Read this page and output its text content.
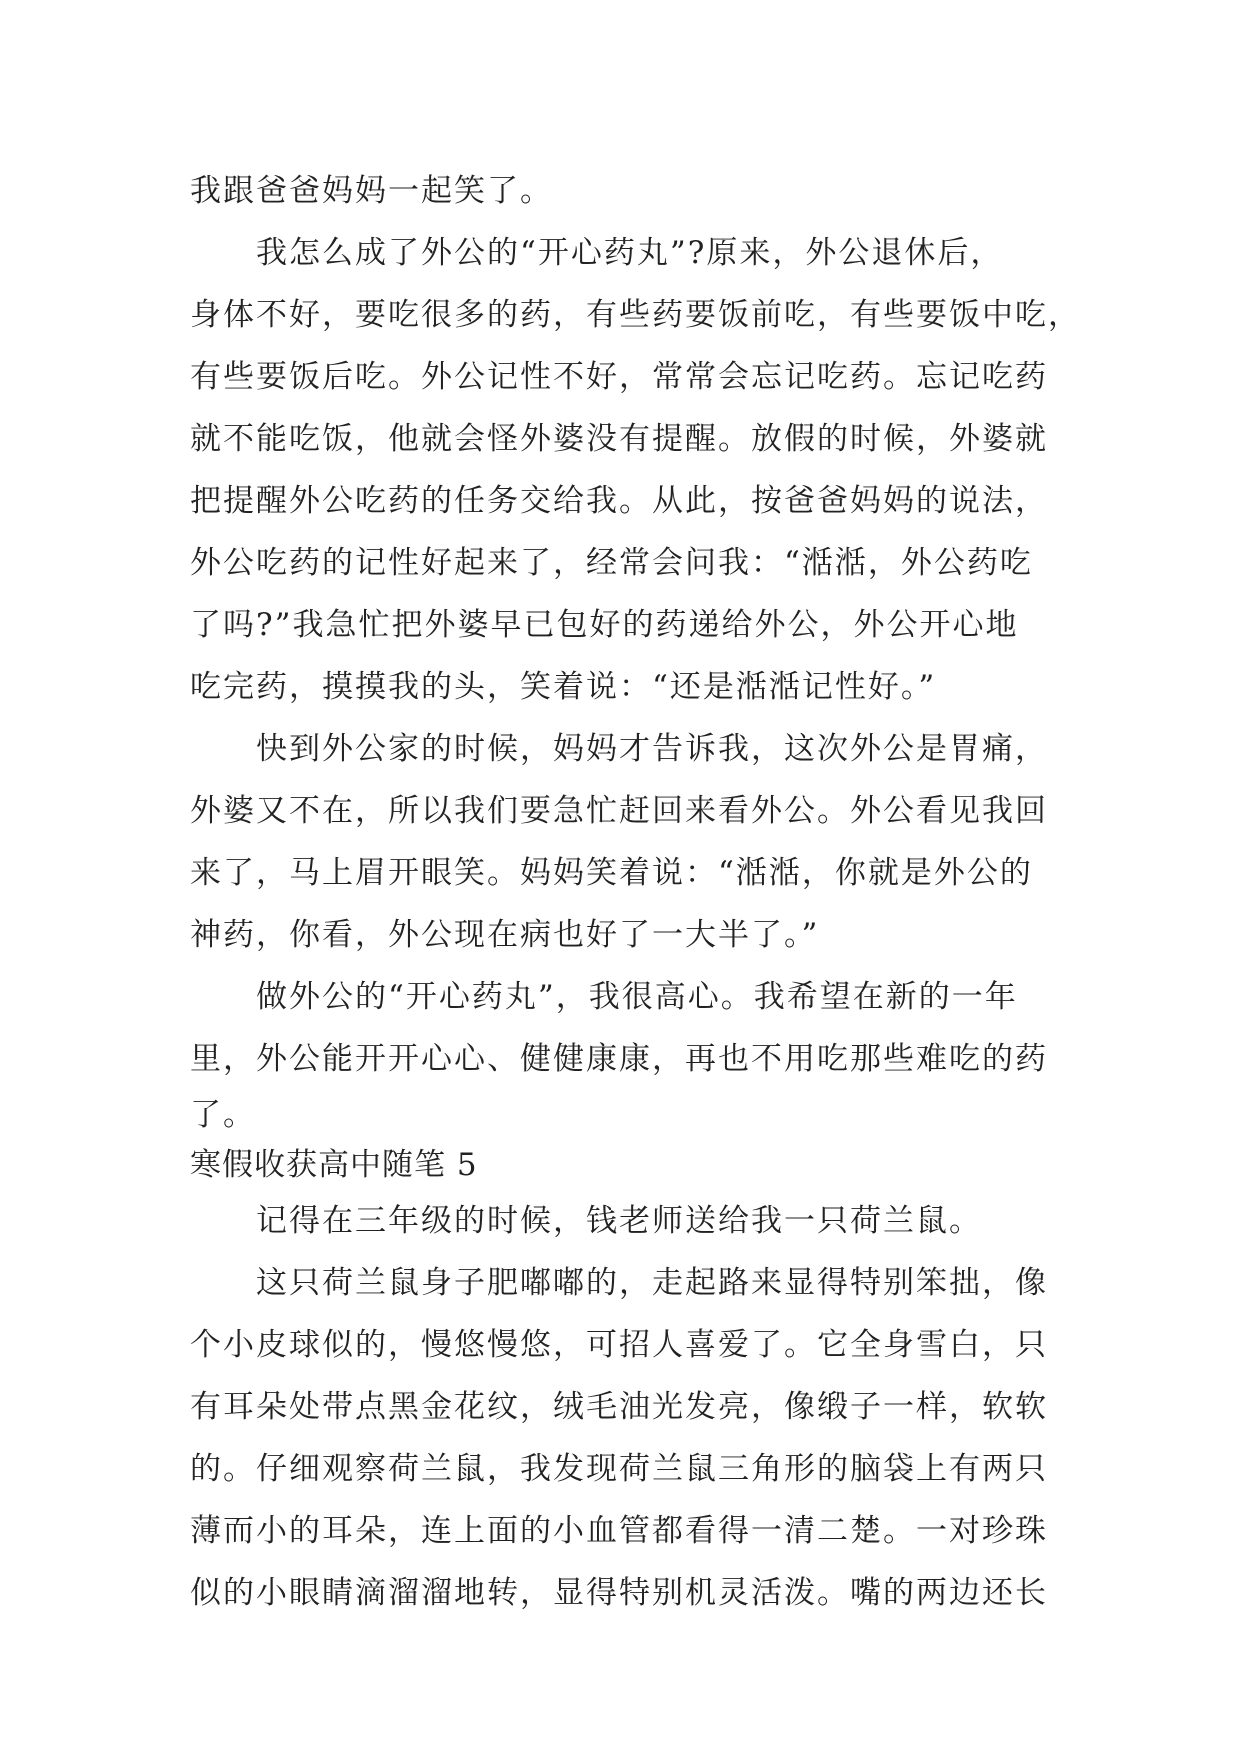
我跟爸爸妈妈一起笑了。
我怎么成了外公的“开心药丸”?原来，外公退休后，
身体不好，要吃很多的药，有些药要饭前吃，有些要饭中吃，
有些要饭后吃。外公记性不好，常常会忘记吃药。忘记吃药
就不能吃饭，他就会怪外婆没有提醒。放假的时候，外婆就
把提醒外公吃药的任务交给我。从此，按爸爸妈妈的说法，
外公吃药的记性好起来了，经常会问我：“湉湉，外公药吃
了吗?”我急忙把外婆早已包好的药递给外公，外公开心地
吃完药，摸摸我的头，笑着说：“还是湉湉记性好。”
快到外公家的时候，妈妈才告诉我，这次外公是胃痛，
外婆又不在，所以我们要急忙赶回来看外公。外公看见我回
来了，马上眉开眼笑。妈妈笑着说：“湉湉，你就是外公的
神药，你看，外公现在病也好了一大半了。”
做外公的“开心药丸”，我很高心。我希望在新的一年
里，外公能开开心心、健健康康，再也不用吃那些难吃的药
了。
寒假收获高中随笔 5
记得在三年级的时候，钱老师送给我一只荷兰鼠。
这只荷兰鼠身子肥嘟嘟的，走起路来显得特别笨拙，像
个小皮球似的，慢悠慢悠，可招人喜爱了。它全身雪白，只
有耳朵处带点黑金花纹，绒毛油光发亮，像缎子一样，软软
的。仔细观察荷兰鼠，我发现荷兰鼠三角形的脑袋上有两只
薄而小的耳朵，连上面的小血管都看得一清二楚。一对珍珠
似的小眼睛滴溜溜地转，显得特别机灵活泼。嘴的两边还长
